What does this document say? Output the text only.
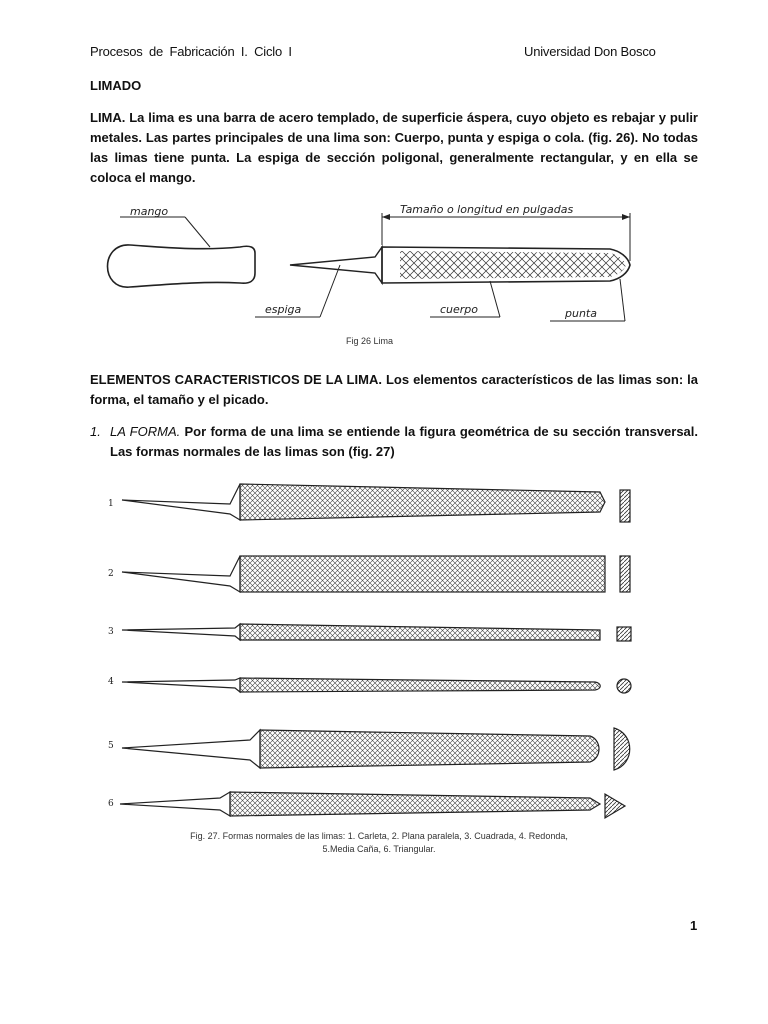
Procesos de Fabricación I. Ciclo I	Universidad Don Bosco
LIMADO

LIMA. La lima es una barra de acero templado, de superficie áspera, cuyo objeto es rebajar y pulir metales. Las partes principales de una lima son: Cuerpo, punta y espiga o cola. (fig. 26). No todas las limas tiene punta. La espiga de sección poligonal, generalmente rectangular, y en ella se coloca el mango.

Tamaño o longitud en pulgadas
mango
espiga	cuerpo	punta
Fig 26 Lima

ELEMENTOS CARACTERISTICOS DE LA LIMA. Los elementos característicos de las limas son: la forma, el tamaño y el picado.

1. LA FORMA. Por forma de una lima se entiende la figura geométrica de su sección transversal. Las formas normales de las limas son (fig. 27)
1
2
3
4
5
6
Fig. 27. Formas normales de las limas: 1. Carleta, 2. Plana paralela, 3. Cuadrada, 4. Redonda,
5.Media Caña, 6. Triangular.
1
